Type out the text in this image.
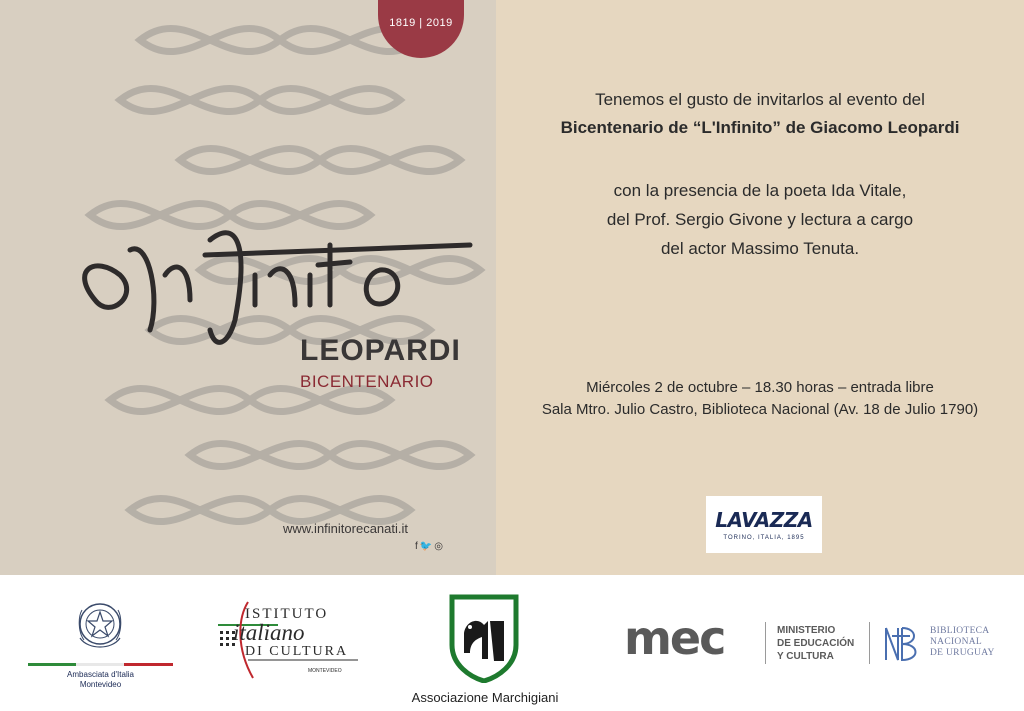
1819 | 2019
LEOPARDI
BICENTENARIO
www.infinitorecanati.it
f🐦◎
Tenemos el gusto de invitarlos al evento del
Bicentenario de “L'Infinito” de Giacomo Leopardi
con la presencia de la poeta Ida Vitale,
del Prof. Sergio Givone y lectura a cargo
del actor Massimo Tenuta.
Miércoles 2 de octubre – 18.30 horas – entrada libre
Sala Mtro. Julio Castro, Biblioteca Nacional (Av. 18 de Julio 1790)
LAVAZZA
TORINO, ITALIA, 1895
Ambasciata d'Italia
Montevideo
ISTITUTO
italiano
DI CULTURA
MONTEVIDEO
Associazione Marchigiani
mec	MINISTERIO
DE EDUCACIÓN
Y CULTURA
BIBLIOTECA
NACIONAL
DE URUGUAY
